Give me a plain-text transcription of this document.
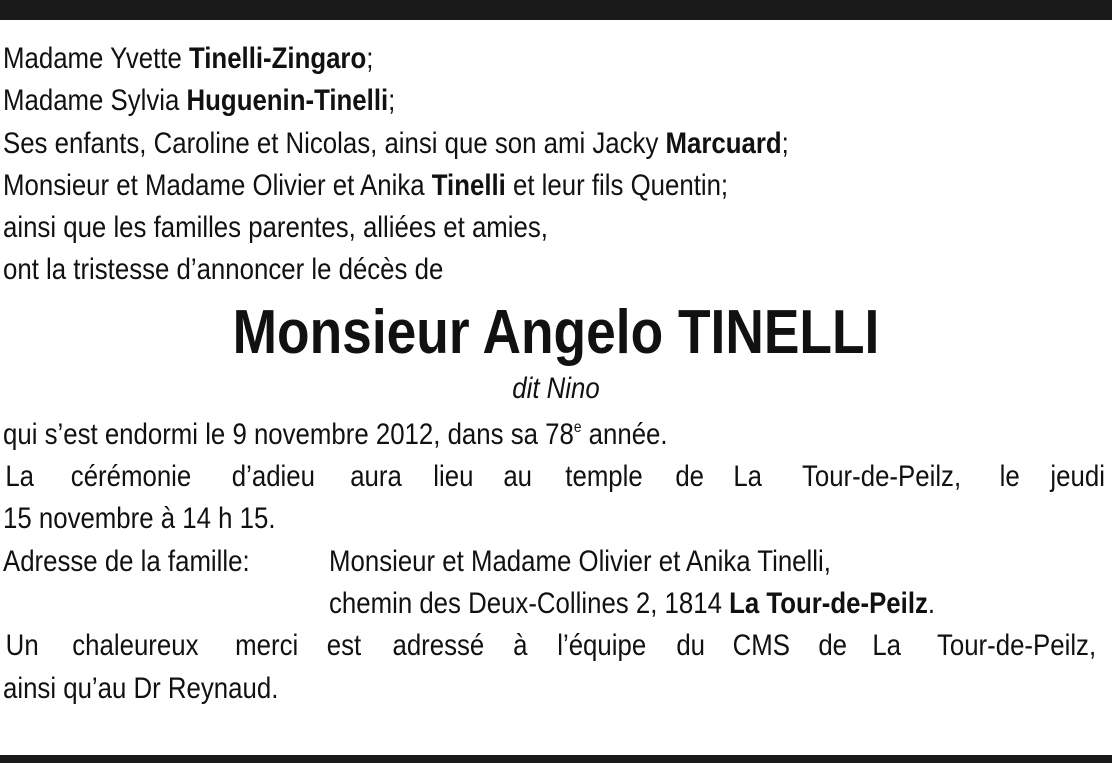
Madame Yvette Tinelli-Zingaro;
Madame Sylvia Huguenin-Tinelli;
Ses enfants, Caroline et Nicolas, ainsi que son ami Jacky Marcuard;
Monsieur et Madame Olivier et Anika Tinelli et leur fils Quentin;
ainsi que les familles parentes, alliées et amies,
ont la tristesse d’annoncer le décès de
Monsieur Angelo TINELLI
dit Nino
qui s’est endormi le 9 novembre 2012, dans sa 78e année.
La cérémonie d’adieu aura lieu au temple de La Tour-de-Peilz, le jeudi
15 novembre à 14 h 15.
Adresse de la famille:	Monsieur et Madame Olivier et Anika Tinelli,
chemin des Deux-Collines 2, 1814 La Tour-de-Peilz.
Un chaleureux merci est adressé à l’équipe du CMS de La Tour-de-Peilz,
ainsi qu’au Dr Reynaud.
